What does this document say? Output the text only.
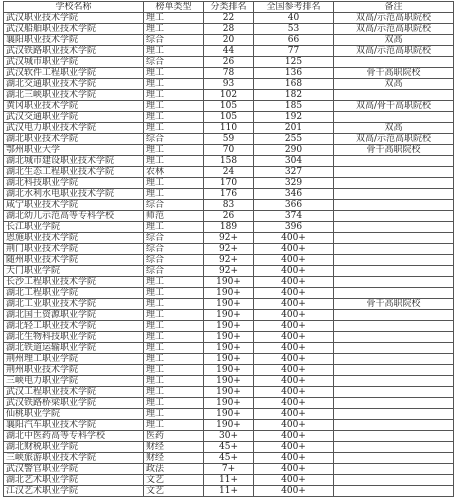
学校名称	榜单类型	分类排名	全国参考排名	备注
武汉职业技术学院	理工	22	40	双高/示范高职院校
武汉船舶职业技术学院	理工	28	53	双高/示范高职院校
襄阳职业技术学院	综合	20	66	双高
武汉铁路职业技术学院	理工	44	77	双高/示范高职院校
武汉城市职业学院	综合	26	125	
武汉软件工程职业学院	理工	78	136	骨干高职院校
湖北交通职业技术学院	理工	93	168	双高
湖北三峡职业技术学院	理工	102	182	
黄冈职业技术学院	理工	105	185	双高/骨干高职院校
武汉交通职业学院	理工	105	192	
武汉电力职业技术学院	理工	110	201	双高
湖北职业技术学院	综合	59	255	双高/示范高职院校
鄂州职业大学	理工	70	290	骨干高职院校
湖北城市建设职业技术学院	理工	158	304	
湖北生态工程职业技术学院	农林	24	327	
湖北科技职业学院	理工	170	329	
湖北水利水电职业技术学院	理工	176	346	
咸宁职业技术学院	综合	83	366	
湖北幼儿示范高等专科学校	师范	26	374	
长江职业学院	理工	189	396	
恩施职业技术学院	综合	92+	400+	
荆门职业技术学院	综合	92+	400+	
随州职业技术学院	综合	92+	400+	
天门职业学院	综合	92+	400+	
长沙工程职业技术学院	理工	190+	400+	
湖北工程职业学院	理工	190+	400+	
湖北工业职业技术学院	理工	190+	400+	骨干高职院校
湖北国土资源职业学院	理工	190+	400+	
湖北轻工职业技术学院	理工	190+	400+	
湖北生物科技职业学院	理工	190+	400+	
湖北铁道运输职业学院	理工	190+	400+	
荆州理工职业学院	理工	190+	400+	
荆州职业技术学院	理工	190+	400+	
三峡电力职业学院	理工	190+	400+	
武汉工程职业技术学院	理工	190+	400+	
武汉铁路桥梁职业学院	理工	190+	400+	
仙桃职业学院	理工	190+	400+	
襄阳汽车职业技术学院	理工	190+	400+	
湖北中医药高等专科学校	医药	30+	400+	
湖北财税职业学院	财经	45+	400+	
三峡旅游职业技术学院	财经	45+	400+	
武汉警官职业学院	政法	7+	400+	
湖北艺术职业学院	文艺	11+	400+	
江汉艺术职业学院	文艺	11+	400+	
